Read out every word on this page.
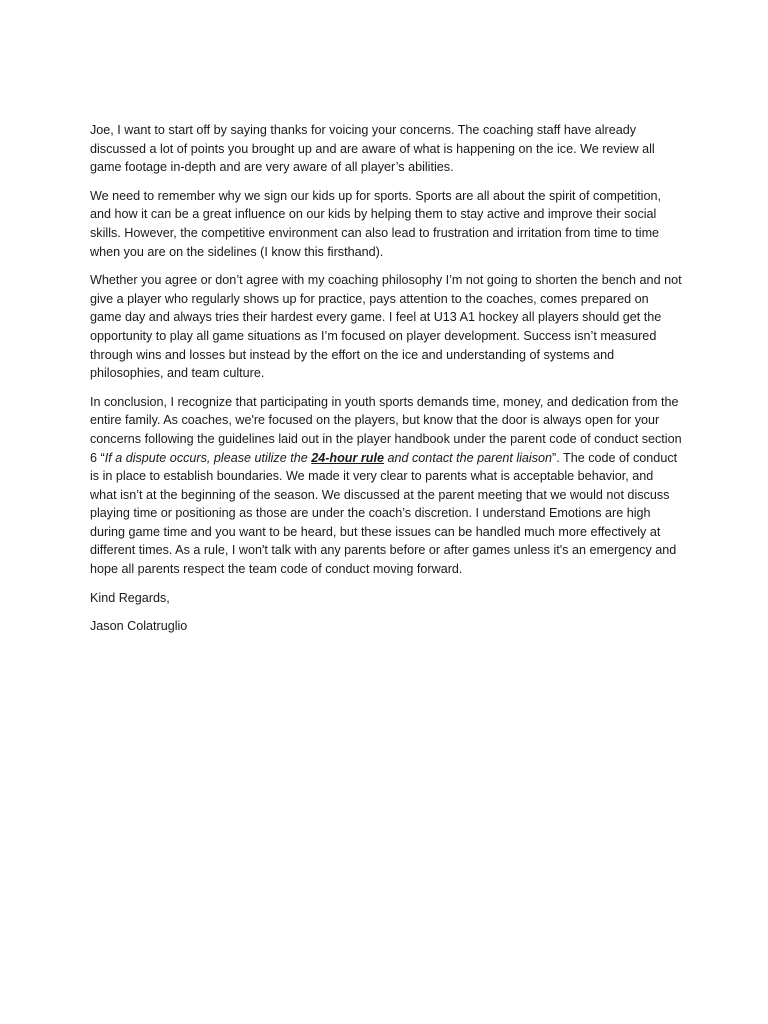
Joe, I want to start off by saying thanks for voicing your concerns. The coaching staff have already discussed a lot of points you brought up and are aware of what is happening on the ice. We review all game footage in-depth and are very aware of all player’s abilities.

We need to remember why we sign our kids up for sports. Sports are all about the spirit of competition, and how it can be a great influence on our kids by helping them to stay active and improve their social skills. However, the competitive environment can also lead to frustration and irritation from time to time when you are on the sidelines (I know this firsthand).

Whether you agree or don’t agree with my coaching philosophy I’m not going to shorten the bench and not give a player who regularly shows up for practice, pays attention to the coaches, comes prepared on game day and always tries their hardest every game. I feel at U13 A1 hockey all players should get the opportunity to play all game situations as I’m focused on player development. Success isn’t measured through wins and losses but instead by the effort on the ice and understanding of systems and philosophies, and team culture.

In conclusion, I recognize that participating in youth sports demands time, money, and dedication from the entire family. As coaches, we're focused on the players, but know that the door is always open for your concerns following the guidelines laid out in the player handbook under the parent code of conduct section 6 “If a dispute occurs, please utilize the 24-hour rule and contact the parent liaison”. The code of conduct is in place to establish boundaries. We made it very clear to parents what is acceptable behavior, and what isn’t at the beginning of the season. We discussed at the parent meeting that we would not discuss playing time or positioning as those are under the coach’s discretion. I understand Emotions are high during game time and you want to be heard, but these issues can be handled much more effectively at different times. As a rule, I won't talk with any parents before or after games unless it's an emergency and hope all parents respect the team code of conduct moving forward.

Kind Regards,

Jason Colatruglio
